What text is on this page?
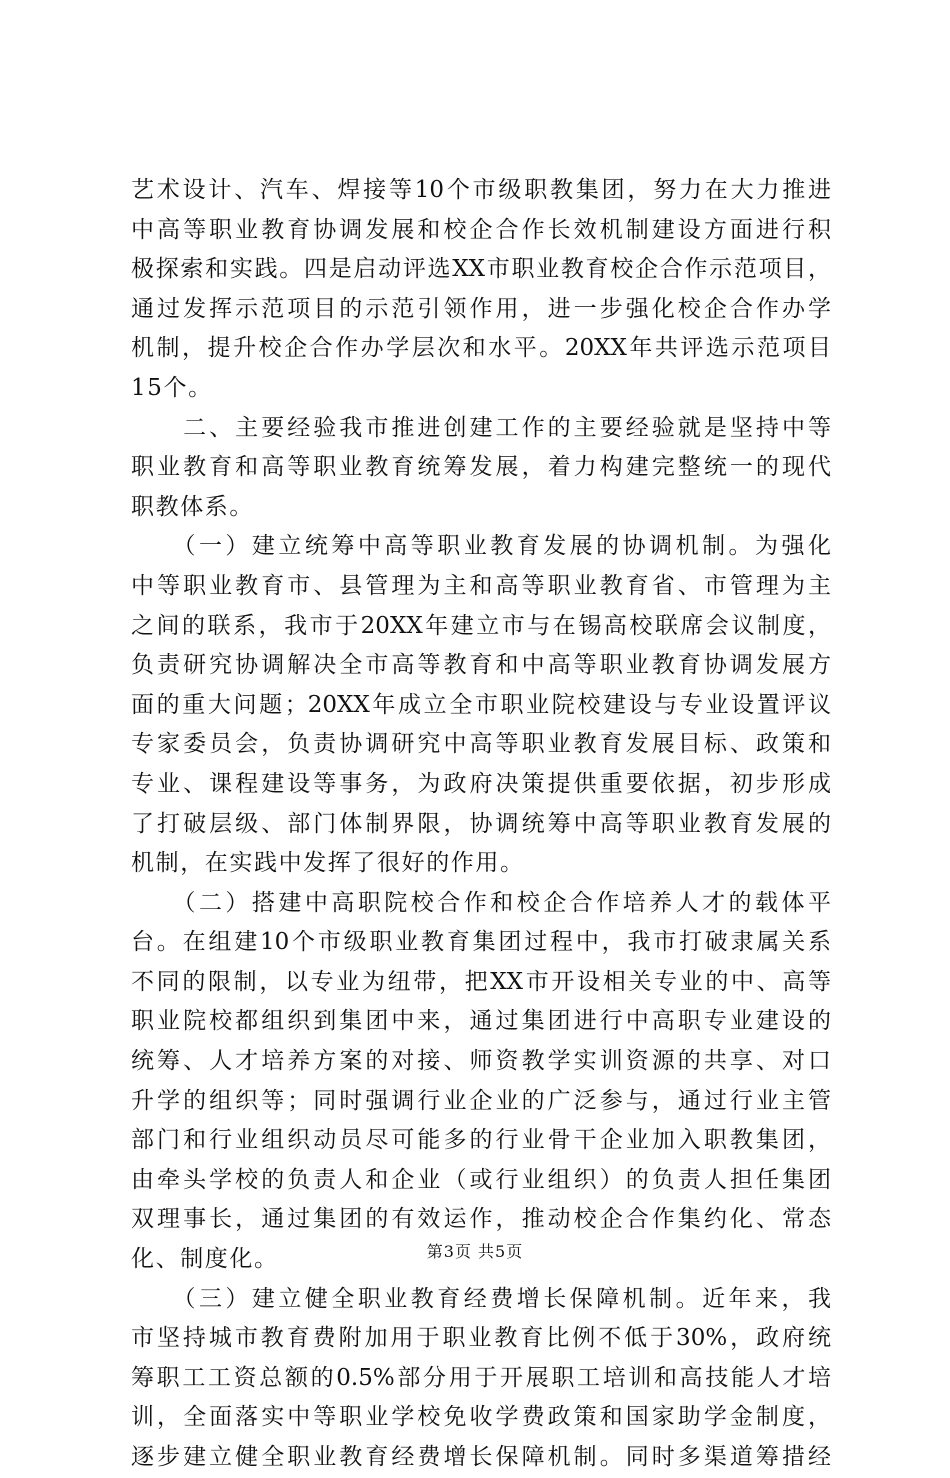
艺术设计、汽车、焊接等10个市级职教集团，努力在大力推进
中高等职业教育协调发展和校企合作长效机制建设方面进行积
极探索和实践。四是启动评选XX市职业教育校企合作示范项目，
通过发挥示范项目的示范引领作用，进一步强化校企合作办学
机制，提升校企合作办学层次和水平。20XX年共评选示范项目
15个。
　　二、主要经验我市推进创建工作的主要经验就是坚持中等
职业教育和高等职业教育统筹发展，着力构建完整统一的现代
职教体系。
　　（一）建立统筹中高等职业教育发展的协调机制。为强化
中等职业教育市、县管理为主和高等职业教育省、市管理为主
之间的联系，我市于20XX年建立市与在锡高校联席会议制度，
负责研究协调解决全市高等教育和中高等职业教育协调发展方
面的重大问题；20XX年成立全市职业院校建设与专业设置评议
专家委员会，负责协调研究中高等职业教育发展目标、政策和
专业、课程建设等事务，为政府决策提供重要依据，初步形成
了打破层级、部门体制界限，协调统筹中高等职业教育发展的
机制，在实践中发挥了很好的作用。
　　（二）搭建中高职院校合作和校企合作培养人才的载体平
台。在组建10个市级职业教育集团过程中，我市打破隶属关系
不同的限制，以专业为纽带，把XX市开设相关专业的中、高等
职业院校都组织到集团中来，通过集团进行中高职专业建设的
统筹、人才培养方案的对接、师资教学实训资源的共享、对口
升学的组织等；同时强调行业企业的广泛参与，通过行业主管
部门和行业组织动员尽可能多的行业骨干企业加入职教集团，
由牵头学校的负责人和企业（或行业组织）的负责人担任集团
双理事长，通过集团的有效运作，推动校企合作集约化、常态
化、制度化。
　　（三）建立健全职业教育经费增长保障机制。近年来，我
市坚持城市教育费附加用于职业教育比例不低于30%，政府统
筹职工工资总额的0.5%部分用于开展职工培训和高技能人才培
训，全面落实中等职业学校免收学费政策和国家助学金制度，
逐步建立健全职业教育经费增长保障机制。同时多渠道筹措经
第3页 共5页
